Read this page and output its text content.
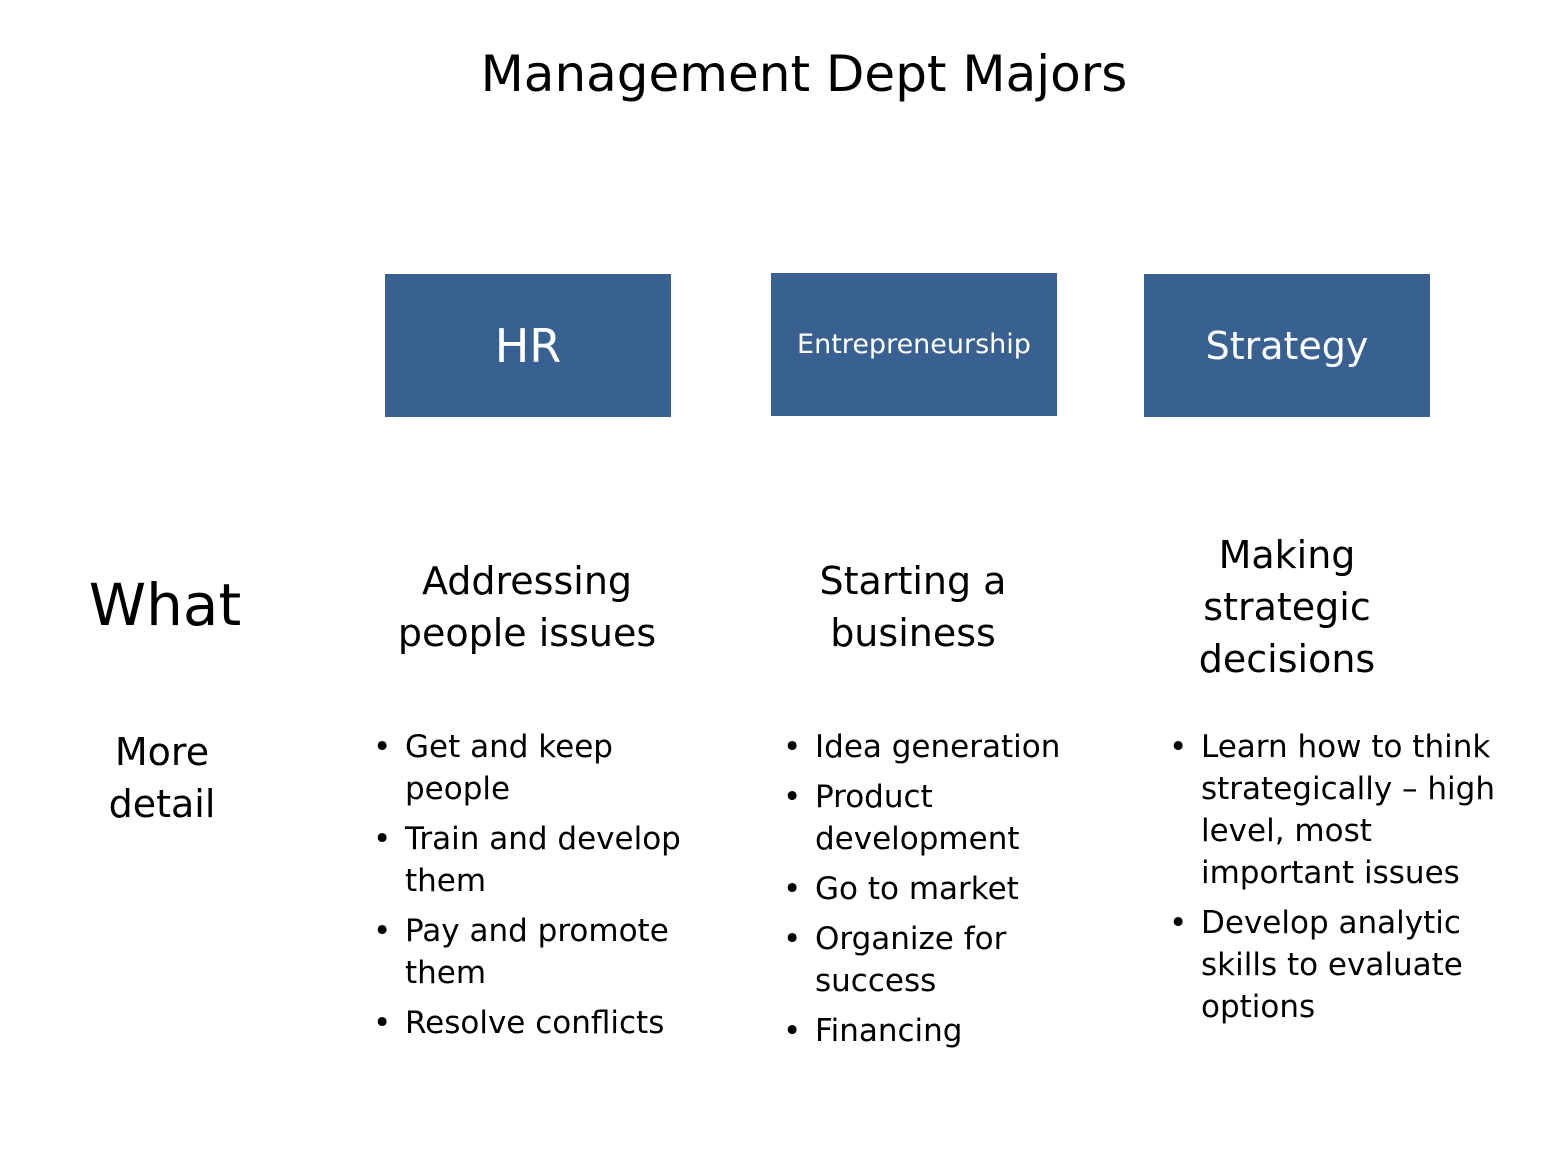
Management Dept Majors
HR	Entrepreneurship	Strategy
What
More
detail
Addressing
people issues
Starting a
business
Making
strategic
decisions
• Get and keep people
• Train and develop them
• Pay and promote them
• Resolve conflicts
• Idea generation
• Product development
• Go to market
• Organize for success
• Financing
• Learn how to think strategically – high level, most important issues
• Develop analytic skills to evaluate options
